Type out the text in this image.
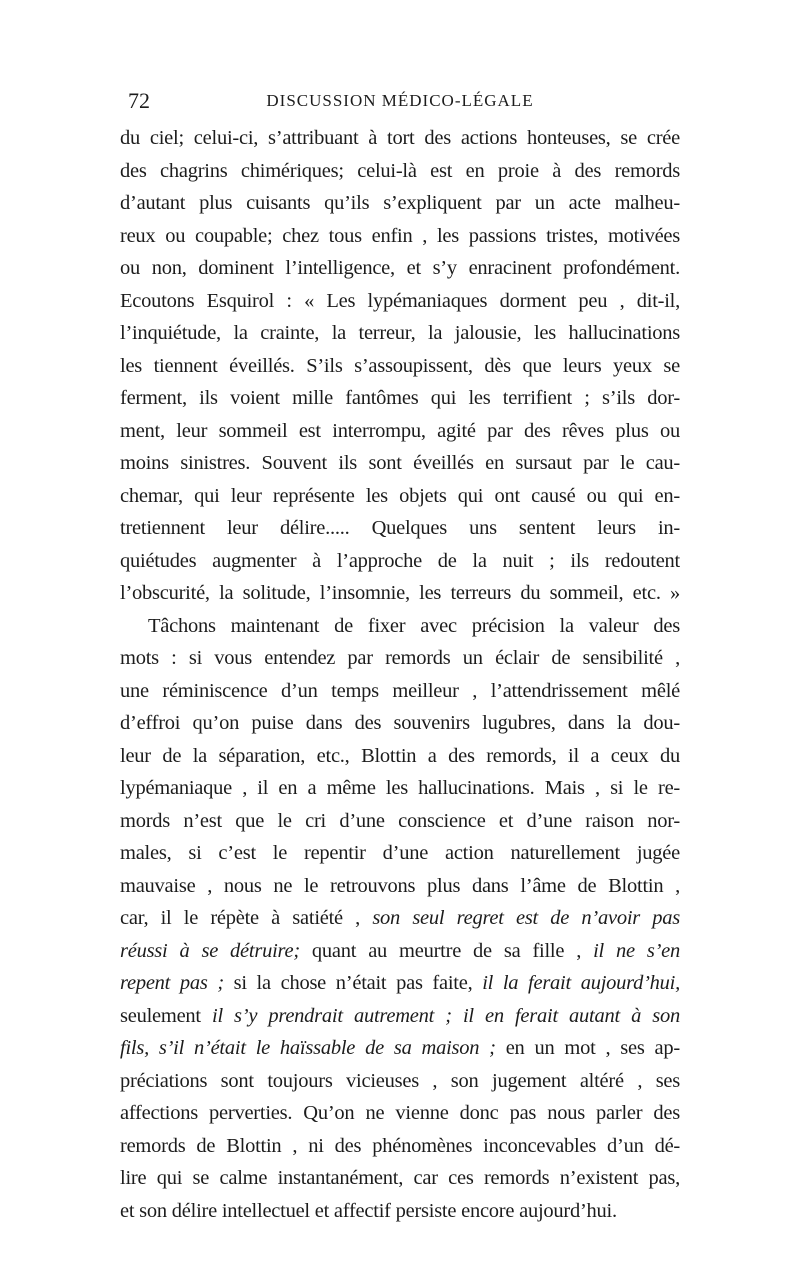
72	DISCUSSION MÉDICO-LÉGALE
du ciel; celui-ci, s’attribuant à tort des actions honteuses, se crée
des chagrins chimériques; celui-là est en proie à des remords
d’autant plus cuisants qu’ils s’expliquent par un acte malheu-
reux ou coupable; chez tous enfin , les passions tristes, motivées
ou non, dominent l’intelligence, et s’y enracinent profondément.
Ecoutons Esquirol : « Les lypémaniaques dorment peu , dit-il,
l’inquiétude, la crainte, la terreur, la jalousie, les hallucinations
les tiennent éveillés. S’ils s’assoupissent, dès que leurs yeux se
ferment, ils voient mille fantômes qui les terrifient ; s’ils dor-
ment, leur sommeil est interrompu, agité par des rêves plus ou
moins sinistres. Souvent ils sont éveillés en sursaut par le cau-
chemar, qui leur représente les objets qui ont causé ou qui en-
tretiennent leur délire..... Quelques uns sentent leurs in-
quiétudes augmenter à l’approche de la nuit ; ils redoutent
l’obscurité, la solitude, l’insomnie, les terreurs du sommeil, etc. »
Tâchons maintenant de fixer avec précision la valeur des
mots : si vous entendez par remords un éclair de sensibilité ,
une réminiscence d’un temps meilleur , l’attendrissement mêlé
d’effroi qu’on puise dans des souvenirs lugubres, dans la dou-
leur de la séparation, etc., Blottin a des remords, il a ceux du
lypémaniaque , il en a même les hallucinations. Mais , si le re-
mords n’est que le cri d’une conscience et d’une raison nor-
males, si c’est le repentir d’une action naturellement jugée
mauvaise , nous ne le retrouvons plus dans l’âme de Blottin ,
car, il le répète à satiété , son seul regret est de n’avoir pas
réussi à se détruire; quant au meurtre de sa fille , il ne s’en
repent pas ; si la chose n’était pas faite, il la ferait aujourd’hui,
seulement il s’y prendrait autrement ; il en ferait autant à son
fils, s’il n’était le haïssable de sa maison ; en un mot , ses ap-
préciations sont toujours vicieuses , son jugement altéré , ses
affections perverties. Qu’on ne vienne donc pas nous parler des
remords de Blottin , ni des phénomènes inconcevables d’un dé-
lire qui se calme instantanément, car ces remords n’existent pas,
et son délire intellectuel et affectif persiste encore aujourd’hui.
